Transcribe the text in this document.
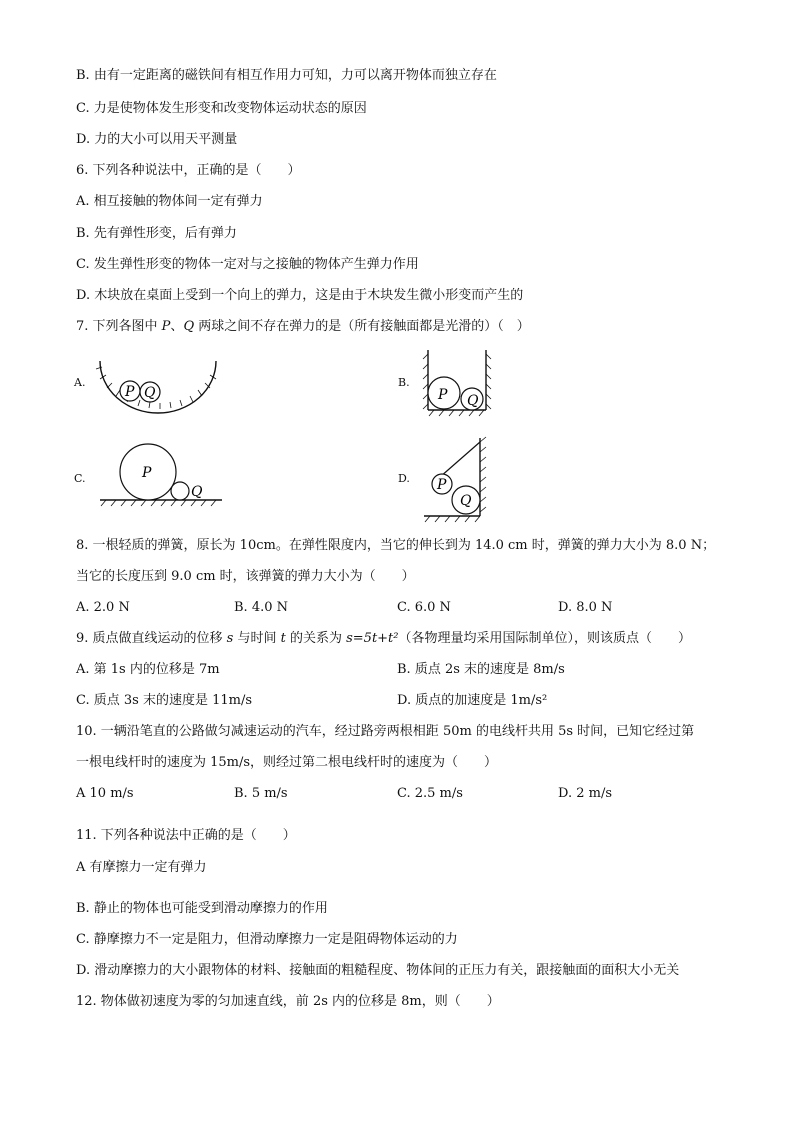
B. 由有一定距离的磁铁间有相互作用力可知，力可以离开物体而独立存在
C. 力是使物体发生形变和改变物体运动状态的原因
D. 力的大小可以用天平测量
6. 下列各种说法中，正确的是（　　）
A. 相互接触的物体间一定有弹力
B. 先有弹性形变，后有弹力
C. 发生弹性形变的物体一定对与之接触的物体产生弹力作用
D. 木块放在桌面上受到一个向上的弹力，这是由于木块发生微小形变而产生的
7. 下列各图中 P、Q 两球之间不存在弹力的是（所有接触面都是光滑的）（　）
A.
P Q
B.
P Q
C.	P
Q
D. P
Q
8. 一根轻质的弹簧，原长为 10cm。在弹性限度内，当它的伸长到为 14.0 cm 时，弹簧的弹力大小为 8.0 N；
当它的长度压到 9.0 cm 时，该弹簧的弹力大小为（　　）
A. 2.0 N	B. 4.0 N	C. 6.0 N	D. 8.0 N
9. 质点做直线运动的位移 s 与时间 t 的关系为 s=5t+t²（各物理量均采用国际制单位），则该质点（　　）
A. 第 1s 内的位移是 7m	B. 质点 2s 末的速度是 8m/s
C. 质点 3s 末的速度是 11m/s	D. 质点的加速度是 1m/s²
10. 一辆沿笔直的公路做匀减速运动的汽车，经过路旁两根相距 50m 的电线杆共用 5s 时间，已知它经过第
一根电线杆时的速度为 15m/s，则经过第二根电线杆时的速度为（　　）
A 10 m/s	B. 5 m/s	C. 2.5 m/s	D. 2 m/s
11. 下列各种说法中正确的是（　　）
A 有摩擦力一定有弹力
B. 静止的物体也可能受到滑动摩擦力的作用
C. 静摩擦力不一定是阻力，但滑动摩擦力一定是阻碍物体运动的力
D. 滑动摩擦力的大小跟物体的材料、接触面的粗糙程度、物体间的正压力有关，跟接触面的面积大小无关
12. 物体做初速度为零的匀加速直线，前 2s 内的位移是 8m，则（　　）
